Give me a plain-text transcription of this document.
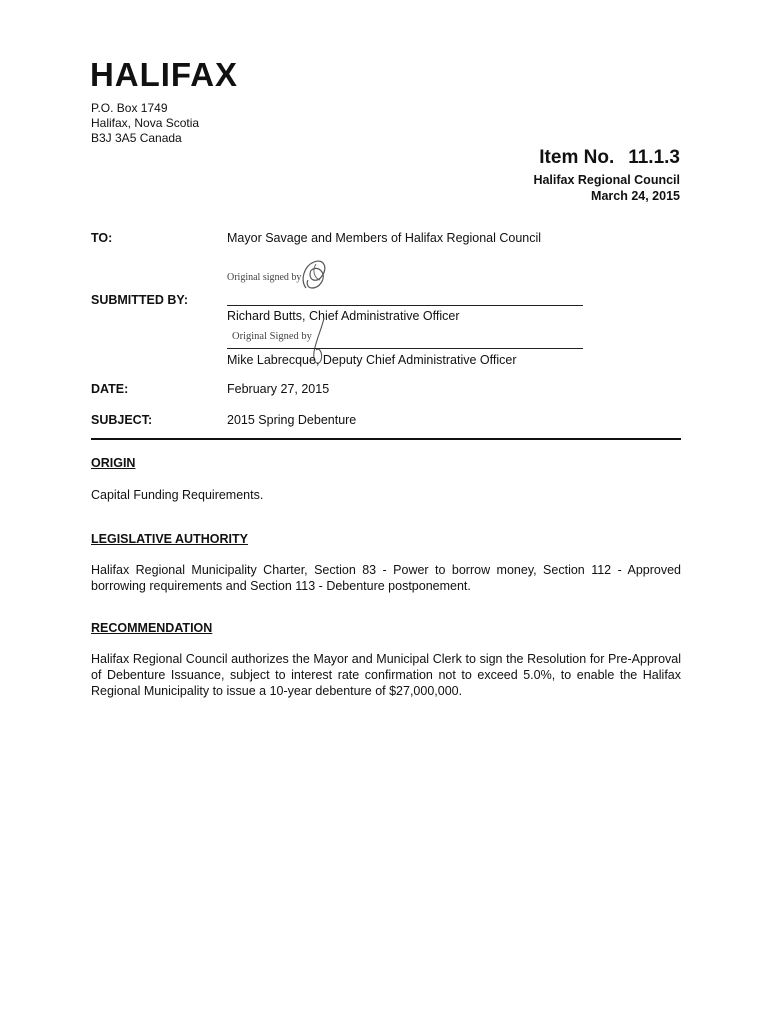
HALIFAX
P.O. Box 1749
Halifax, Nova Scotia
B3J 3A5 Canada
Item No. 11.1.3
Halifax Regional Council
March 24, 2015
TO:	Mayor Savage and Members of Halifax Regional Council
Original signed by
SUBMITTED BY:
Richard Butts, Chief Administrative Officer
Original Signed by
Mike Labrecque, Deputy Chief Administrative Officer
DATE:	February 27, 2015
SUBJECT:	2015 Spring Debenture
ORIGIN

Capital Funding Requirements.

LEGISLATIVE AUTHORITY

Halifax Regional Municipality Charter, Section 83 - Power to borrow money, Section 112 - Approved borrowing requirements and Section 113 - Debenture postponement.

RECOMMENDATION

Halifax Regional Council authorizes the Mayor and Municipal Clerk to sign the Resolution for Pre-Approval of Debenture Issuance, subject to interest rate confirmation not to exceed 5.0%, to enable the Halifax Regional Municipality to issue a 10-year debenture of $27,000,000.
